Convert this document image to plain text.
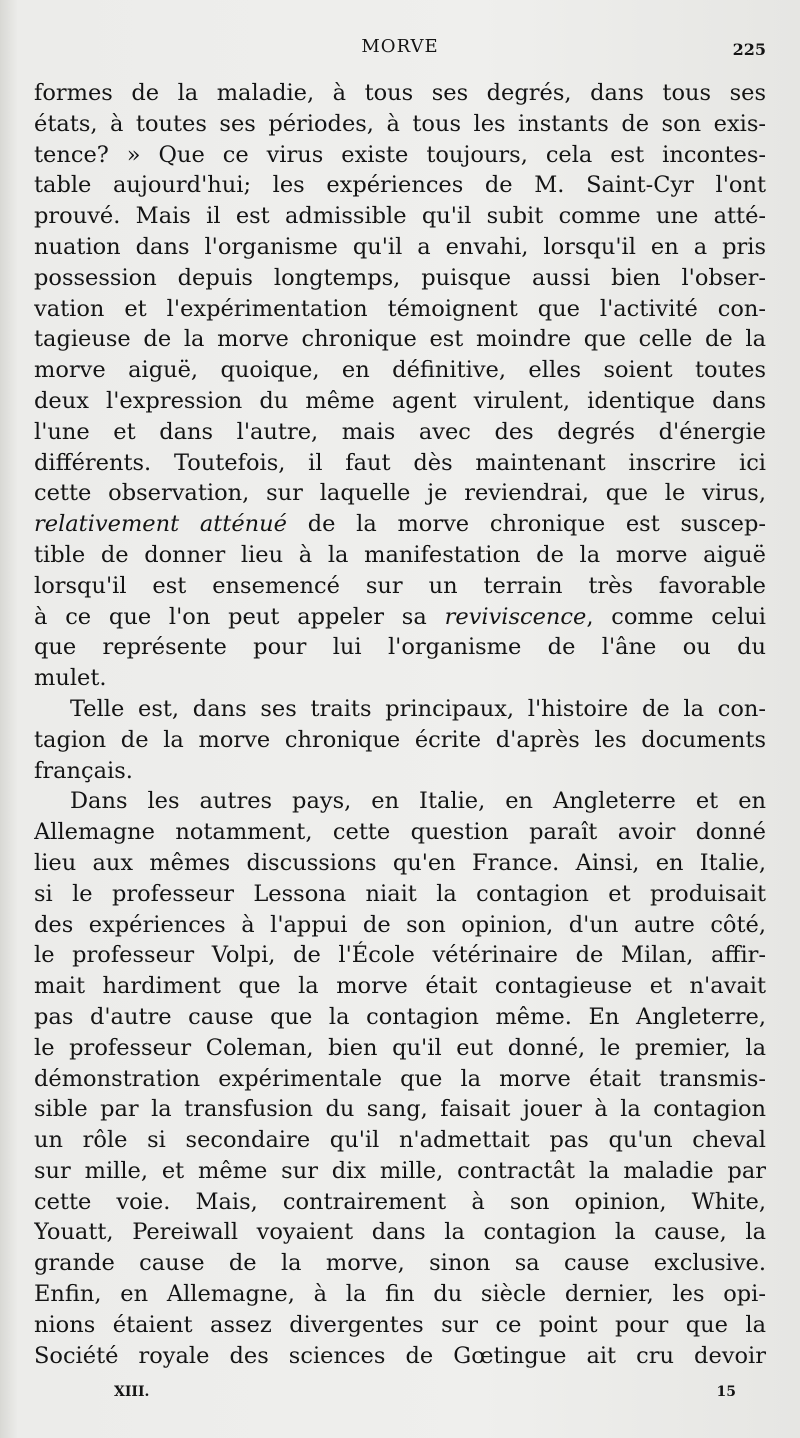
MORVE	225
formes de la maladie, à tous ses degrés, dans tous ses
états, à toutes ses périodes, à tous les instants de son exis-
tence? » Que ce virus existe toujours, cela est incontes-
table aujourd'hui; les expériences de M. Saint-Cyr l'ont
prouvé. Mais il est admissible qu'il subit comme une atté-
nuation dans l'organisme qu'il a envahi, lorsqu'il en a pris
possession depuis longtemps, puisque aussi bien l'obser-
vation et l'expérimentation témoignent que l'activité con-
tagieuse de la morve chronique est moindre que celle de la
morve aiguë, quoique, en définitive, elles soient toutes
deux l'expression du même agent virulent, identique dans
l'une et dans l'autre, mais avec des degrés d'énergie
différents. Toutefois, il faut dès maintenant inscrire ici
cette observation, sur laquelle je reviendrai, que le virus,
relativement atténué de la morve chronique est suscep-
tible de donner lieu à la manifestation de la morve aiguë
lorsqu'il est ensemencé sur un terrain très favorable
à ce que l'on peut appeler sa reviviscence, comme celui
que représente pour lui l'organisme de l'âne ou du
mulet.
Telle est, dans ses traits principaux, l'histoire de la con-
tagion de la morve chronique écrite d'après les documents
français.
Dans les autres pays, en Italie, en Angleterre et en
Allemagne notamment, cette question paraît avoir donné
lieu aux mêmes discussions qu'en France. Ainsi, en Italie,
si le professeur Lessona niait la contagion et produisait
des expériences à l'appui de son opinion, d'un autre côté,
le professeur Volpi, de l'École vétérinaire de Milan, affir-
mait hardiment que la morve était contagieuse et n'avait
pas d'autre cause que la contagion même. En Angleterre,
le professeur Coleman, bien qu'il eut donné, le premier, la
démonstration expérimentale que la morve était transmis-
sible par la transfusion du sang, faisait jouer à la contagion
un rôle si secondaire qu'il n'admettait pas qu'un cheval
sur mille, et même sur dix mille, contractât la maladie par
cette voie. Mais, contrairement à son opinion, White,
Youatt, Pereiwall voyaient dans la contagion la cause, la
grande cause de la morve, sinon sa cause exclusive.
Enfin, en Allemagne, à la fin du siècle dernier, les opi-
nions étaient assez divergentes sur ce point pour que la
Société royale des sciences de Gœtingue ait cru devoir
XIII.	15
